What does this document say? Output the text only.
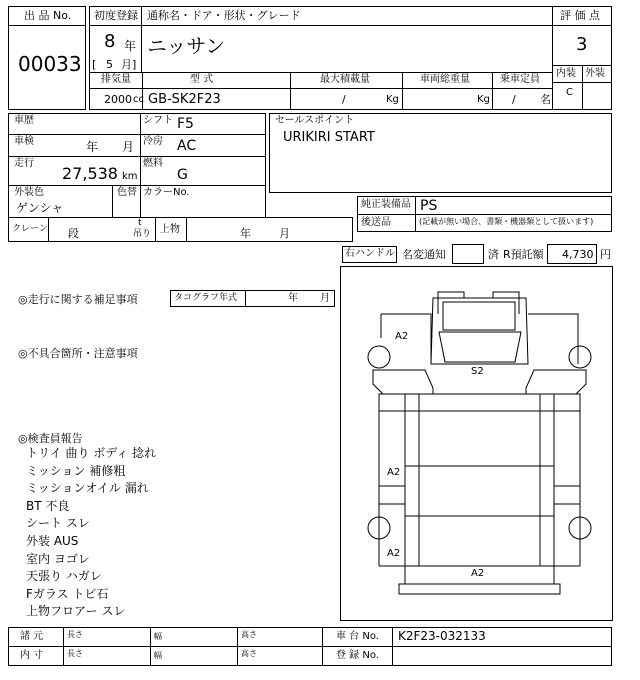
出 品 No.
00033
初度登録 通称名・ドア・形状・グレード
8 年
[ 5 月]
ニッサン
評 価 点
3
内装 外装
C
排気量	型 式	最大積載量	車両総重量	乗車定員
2000 cc GB-SK2F23	/	Kg	Kg / 名
車歴	シフト F5
車検	年 月 冷房 AC
走行
27,538 km
燃料
G
外装色	色替 カラーNo.
ゲンシャ
セールスポイント
URIKIRI START
純正装備品 PS
後送品	(記載が無い場合、書類・機器類として扱います)
クレーン 段
t
吊り 上物	年	月
右ハンドル 名変通知	済 R預託額 4,730 円
◎走行に関する補足事項	タコグラフ年式	年 月
◎不具合箇所・注意事項
◎検査員報告
トリイ 曲り ボディ 捻れ
ミッション 補修粗
ミッションオイル 漏れ
BT 不良
シート スレ
外装 AUS
室内 ヨゴレ
天張り ハガレ
Fガラス トビ石
上物フロアー スレ
A2
S2
A2
A2
A2
諸 元
内 寸
長さ	幅	高さ
長さ	幅	高さ
車 台 No. K2F23-032133
登 録 No.
